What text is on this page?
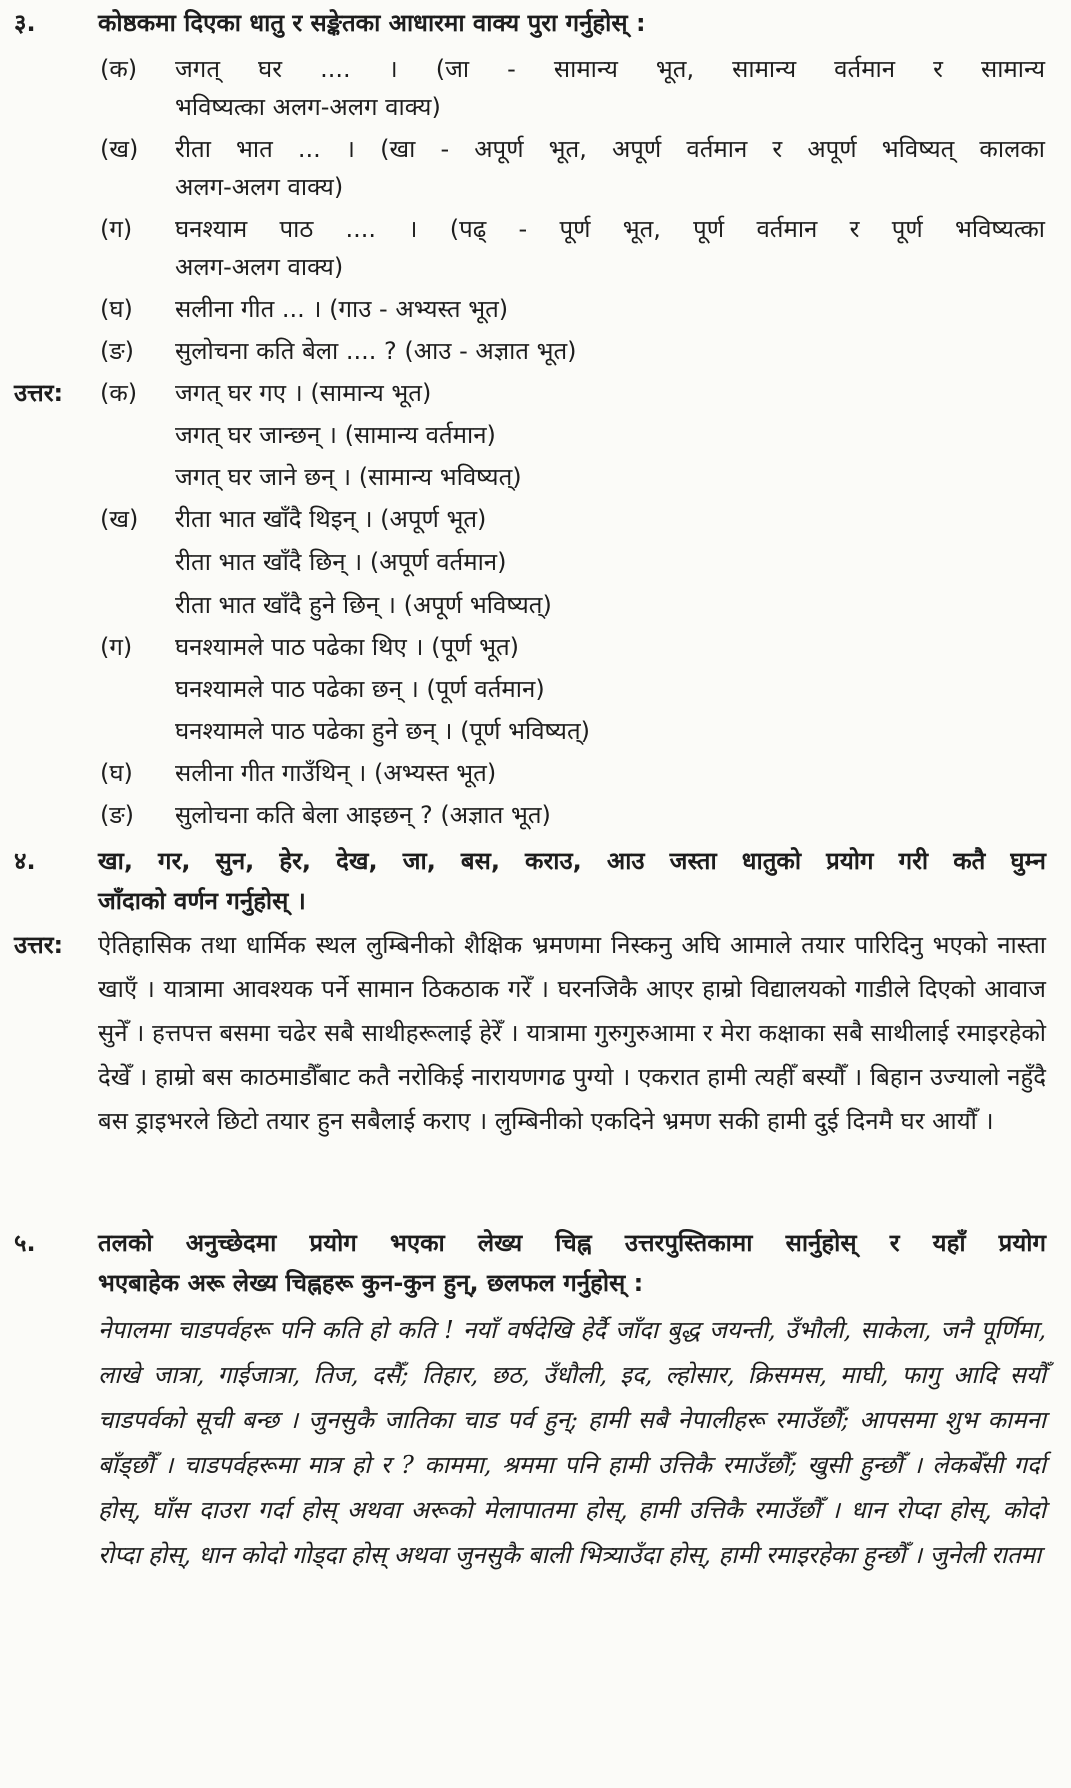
३.	कोष्ठकमा दिएका धातु र सङ्केतका आधारमा वाक्य पुरा गर्नुहोस् :
(क) जगत् घर .... । (जा - सामान्य भूत, सामान्य वर्तमान र सामान्य
भविष्यत्का अलग-अलग वाक्य)
(ख) रीता भात ... । (खा - अपूर्ण भूत, अपूर्ण वर्तमान र अपूर्ण भविष्यत् कालका
अलग-अलग वाक्य)
(ग) घनश्याम पाठ .... । (पढ् - पूर्ण भूत, पूर्ण वर्तमान र पूर्ण भविष्यत्का
अलग-अलग वाक्य)
(घ) सलीना गीत ... । (गाउ - अभ्यस्त भूत)
(ङ) सुलोचना कति बेला .... ? (आउ - अज्ञात भूत)
उत्तर: (क) जगत् घर गए । (सामान्य भूत)
जगत् घर जान्छन् । (सामान्य वर्तमान)
जगत् घर जाने छन् । (सामान्य भविष्यत्)
(ख) रीता भात खाँदै थिइन् । (अपूर्ण भूत)
रीता भात खाँदै छिन् । (अपूर्ण वर्तमान)
रीता भात खाँदै हुने छिन् । (अपूर्ण भविष्यत्)
(ग) घनश्यामले पाठ पढेका थिए । (पूर्ण भूत)
घनश्यामले पाठ पढेका छन् । (पूर्ण वर्तमान)
घनश्यामले पाठ पढेका हुने छन् । (पूर्ण भविष्यत्)
(घ) सलीना गीत गाउँथिन् । (अभ्यस्त भूत)
(ङ) सुलोचना कति बेला आइछन् ? (अज्ञात भूत)
४.	खा, गर, सुन, हेर, देख, जा, बस, कराउ, आउ जस्ता धातुको प्रयोग गरी कतै घुम्न
जाँदाको वर्णन गर्नुहोस् ।
उत्तर: ऐतिहासिक तथा धार्मिक स्थल लुम्बिनीको शैक्षिक भ्रमणमा निस्कनु अघि आमाले तयार पारिदिनु भएको नास्ता खाएँ । यात्रामा आवश्यक पर्ने सामान ठिकठाक गरेँ । घरनजिकै आएर हाम्रो विद्यालयको गाडीले दिएको आवाज सुनेँ । हत्तपत्त बसमा चढेर सबै साथीहरूलाई हेरेँ । यात्रामा गुरुगुरुआमा र मेरा कक्षाका सबै साथीलाई रमाइरहेको देखेँ । हाम्रो बस काठमाडौँबाट कतै नरोकिई नारायणगढ पुग्यो । एकरात हामी त्यहीँ बस्यौँ । बिहान उज्यालो नहुँदै बस ड्राइभरले छिटो तयार हुन सबैलाई कराए । लुम्बिनीको एकदिने भ्रमण सकी हामी दुई दिनमै घर आयौँ ।
५.	तलको अनुच्छेदमा प्रयोग भएका लेख्य चिह्न उत्तरपुस्तिकामा सार्नुहोस् र यहाँ प्रयोग
भएबाहेक अरू लेख्य चिह्नहरू कुन-कुन हुन्, छलफल गर्नुहोस् :
नेपालमा चाडपर्वहरू पनि कति हो कति ! नयाँ वर्षदेखि हेर्दै जाँदा बुद्ध जयन्ती, उँभौली, साकेला, जनै पूर्णिमा, लाखे जात्रा, गाईजात्रा, तिज, दसैँ; तिहार, छठ, उँधौली, इद, ल्होसार, क्रिसमस, माघी, फागु आदि सयौँ चाडपर्वको सूची बन्छ । जुनसुकै जातिका चाड पर्व हुन्; हामी सबै नेपालीहरू रमाउँछौँ; आपसमा शुभ कामना बाँड्छौँ । चाडपर्वहरूमा मात्र हो र ? काममा, श्रममा पनि हामी उत्तिकै रमाउँछौँ; खुसी हुन्छौँ । लेकबेँसी गर्दा होस्, घाँस दाउरा गर्दा होस् अथवा अरूको मेलापातमा होस्, हामी उत्तिकै रमाउँछौँ । धान रोप्दा होस्, कोदो रोप्दा होस्, धान कोदो गोड्दा होस् अथवा जुनसुकै बाली भित्र्याउँदा होस्, हामी रमाइरहेका हुन्छौँ । जुनेली रातमा
